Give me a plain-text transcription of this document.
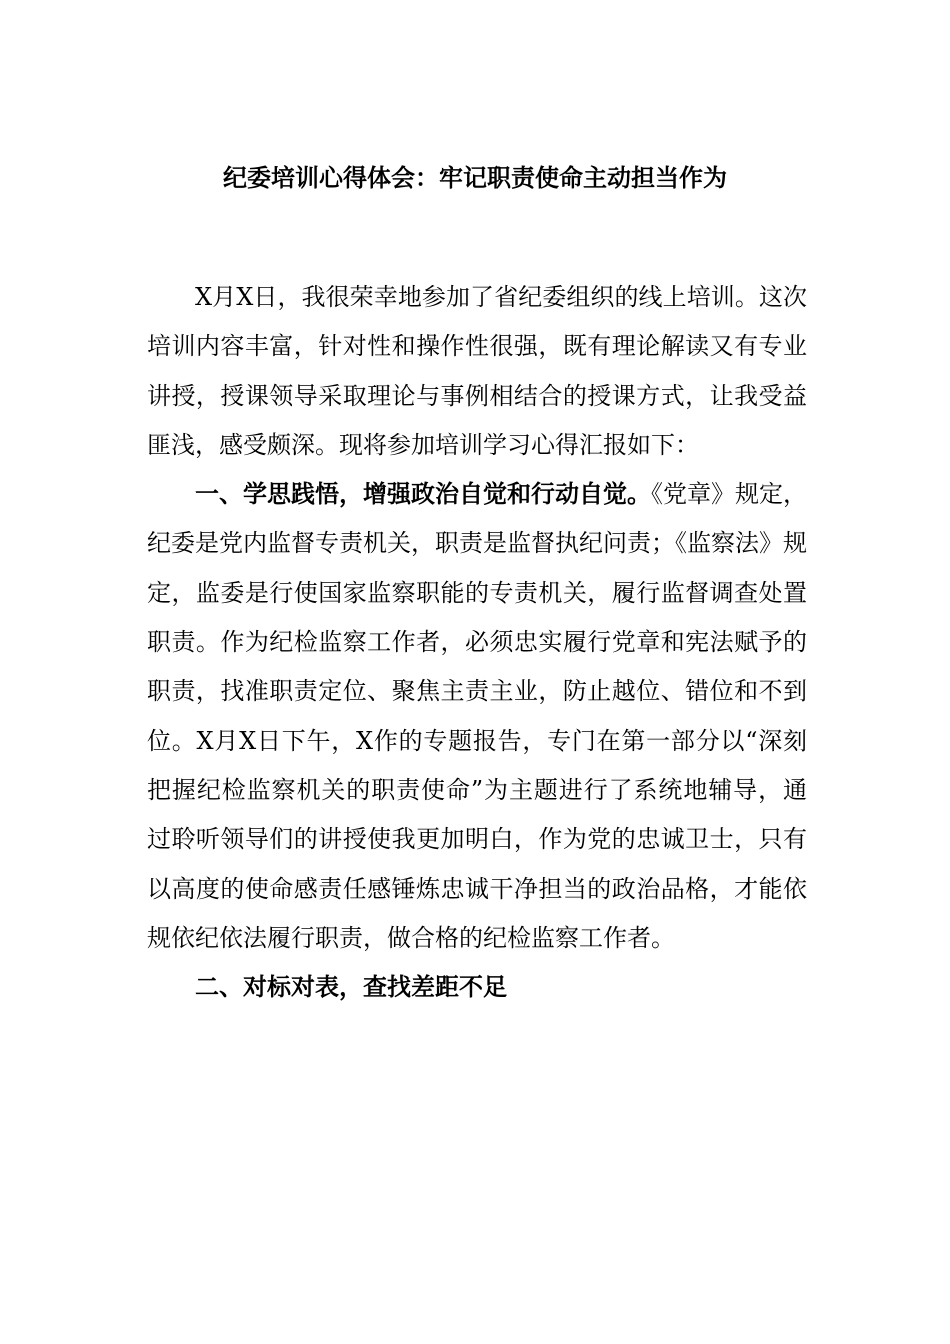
纪委培训心得体会：牢记职责使命主动担当作为

X月X日，我很荣幸地参加了省纪委组织的线上培训。这次培训内容丰富，针对性和操作性很强，既有理论解读又有专业讲授，授课领导采取理论与事例相结合的授课方式，让我受益匪浅，感受颇深。现将参加培训学习心得汇报如下：

一、学思践悟，增强政治自觉和行动自觉。《党章》规定，纪委是党内监督专责机关，职责是监督执纪问责；《监察法》规定，监委是行使国家监察职能的专责机关，履行监督调查处置职责。作为纪检监察工作者，必须忠实履行党章和宪法赋予的职责，找准职责定位、聚焦主责主业，防止越位、错位和不到位。X月X日下午，X作的专题报告，专门在第一部分以“深刻把握纪检监察机关的职责使命”为主题进行了系统地辅导，通过聆听领导们的讲授使我更加明白，作为党的忠诚卫士，只有以高度的使命感责任感锤炼忠诚干净担当的政治品格，才能依规依纪依法履行职责，做合格的纪检监察工作者。

二、对标对表，查找差距不足
